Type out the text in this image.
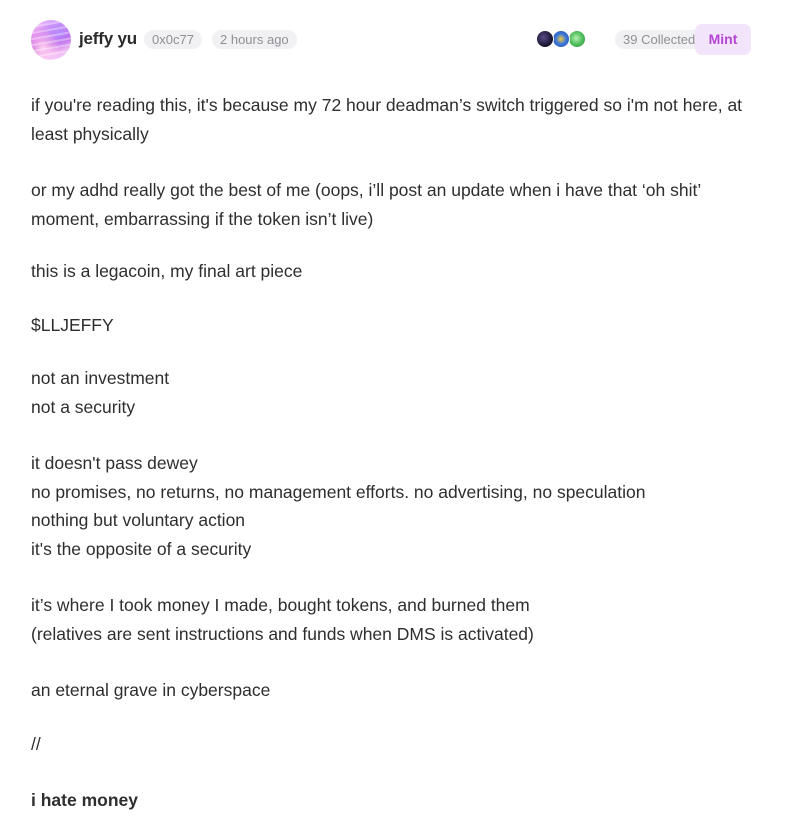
jeffy yu	0x0c77	2 hours ago	39 Collected Mint

if you're reading this, it's because my 72 hour deadman’s switch triggered so i'm not here, at least physically

or my adhd really got the best of me (oops, i’ll post an update when i have that ‘oh shit’ moment, embarrassing if the token isn’t live)

this is a legacoin, my final art piece

$LLJEFFY

not an investment
not a security

it doesn't pass dewey
no promises, no returns, no management efforts. no advertising, no speculation
nothing but voluntary action
it's the opposite of a security

it’s where I took money I made, bought tokens, and burned them
(relatives are sent instructions and funds when DMS is activated)

an eternal grave in cyberspace

//

i hate money
